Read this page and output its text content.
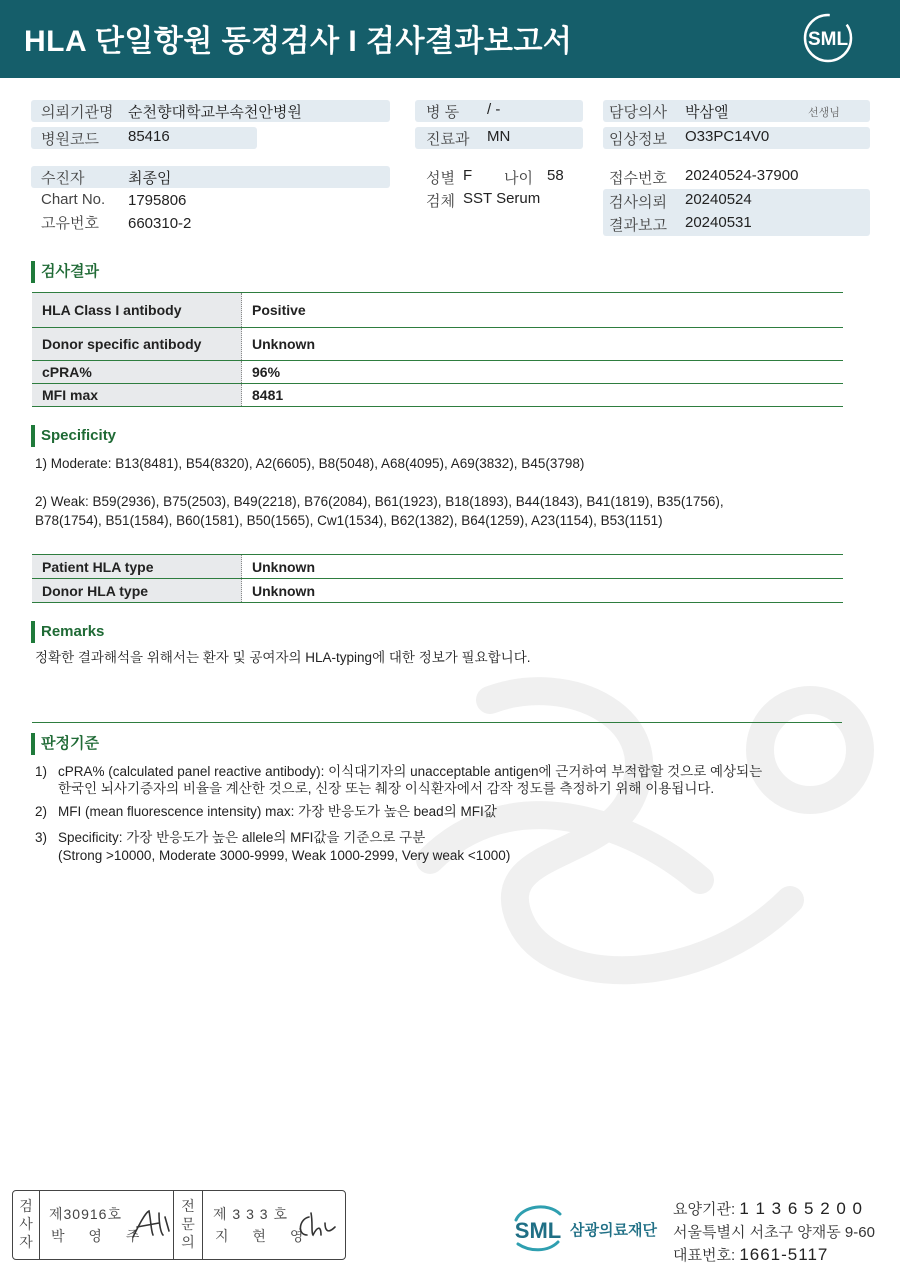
HLA 단일항원 동정검사 I 검사결과보고서	SML
의뢰기관명 순천향대학교부속천안병원
병원코드 85416
병 동 / -
진료과 MN
담당의사 박삼엘	선생님
임상정보 O33PC14V0
수진자	최종임
Chart No. 1795806
고유번호 660310-2
성별 F 나이 58
검체 SST Serum
접수번호 20240524-37900
검사의뢰 20240524
결과보고 20240531
검사결과
HLA Class I antibody	Positive
Donor specific antibody	Unknown
cPRA%	96%
MFI max	8481
Specificity
1) Moderate: B13(8481), B54(8320), A2(6605), B8(5048), A68(4095), A69(3832), B45(3798)
2) Weak: B59(2936), B75(2503), B49(2218), B76(2084), B61(1923), B18(1893), B44(1843), B41(1819), B35(1756),
B78(1754), B51(1584), B60(1581), B50(1565), Cw1(1534), B62(1382), B64(1259), A23(1154), B53(1151)
Patient HLA type	Unknown
Donor HLA type	Unknown
Remarks
정확한 결과해석을 위해서는 환자 및 공여자의 HLA-typing에 대한 정보가 필요합니다.
판정기준
1) cPRA% (calculated panel reactive antibody): 이식대기자의 unacceptable antigen에 근거하여 부적합할 것으로 예상되는
한국인 뇌사기증자의 비율을 계산한 것으로, 신장 또는 췌장 이식환자에서 감작 정도를 측정하기 위해 이용됩니다.
2) MFI (mean fluorescence intensity) max: 가장 반응도가 높은 bead의 MFI값
3) Specificity: 가장 반응도가 높은 allele의 MFI값을 기준으로 구분
(Strong >10000, Moderate 3000-9999, Weak 1000-2999, Very weak <1000)
검
사
자
제30916호
박 영 주
전
문
의
제 3 3 3 호
지 현 영	SML 삼광의료재단
요양기관: 1 1 3 6 5 2 0 0
서울특별시 서초구 양재동 9-60
대표번호: 1661-5117
